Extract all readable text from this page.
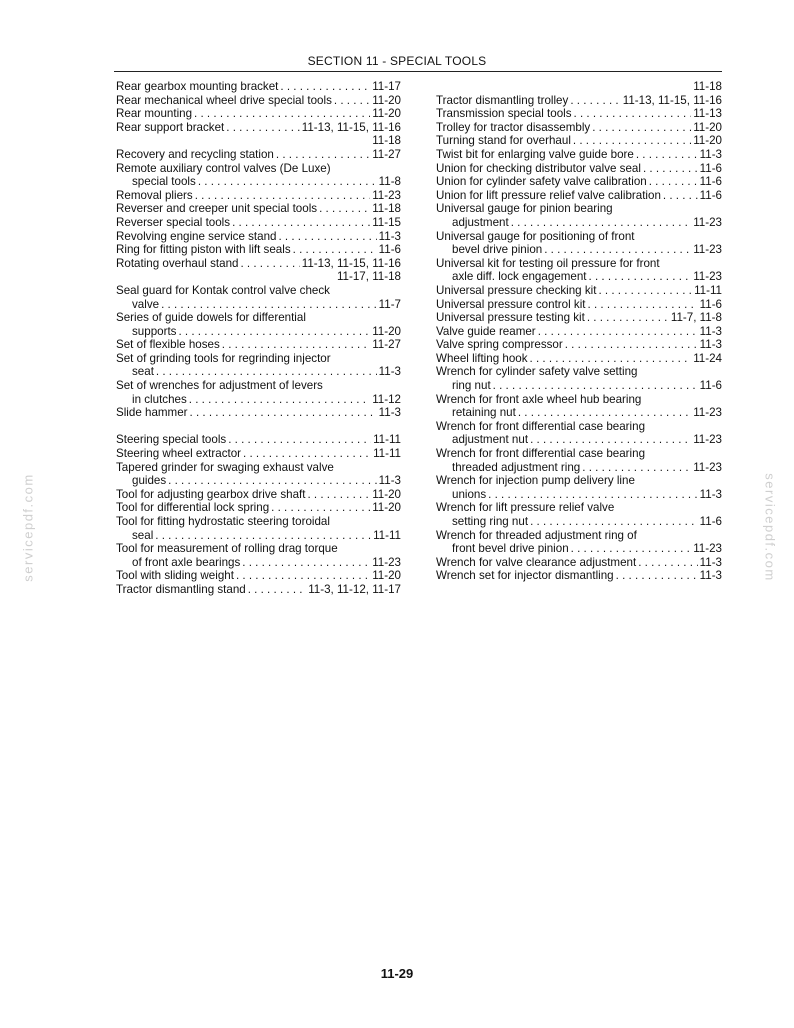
SECTION 11 - SPECIAL TOOLS
Rear gearbox mounting bracket . . .	11-17
Rear mechanical wheel drive special tools . . .	11-20
Rear mounting . . .	11-20
Rear support bracket . . .	11-13, 11-15, 11-16
11-18
Recovery and recycling station . . .	11-27
Remote auxiliary control valves (De Luxe)
special tools . . .	11-8
Removal pliers . . .	11-23
Reverser and creeper unit special tools . . .	11-18
Reverser special tools . . .	11-15
Revolving engine service stand . . .	11-3
Ring for fitting piston with lift seals . . .	11-6
Rotating overhaul stand . . .	11-13, 11-15, 11-16
11-17, 11-18
Seal guard for Kontak control valve check
valve . . .	11-7
Series of guide dowels for differential
supports . . .	11-20
Set of flexible hoses . . .	11-27
Set of grinding tools for regrinding injector
seat . . .	11-3
Set of wrenches for adjustment of levers
in clutches . . .	11-12
Slide hammer . . .	11-3
Steering special tools . . .	11-11
Steering wheel extractor . . .	11-11
Tapered grinder for swaging exhaust valve
guides . . .	11-3
Tool for adjusting gearbox drive shaft . . .	11-20
Tool for differential lock spring . . .	11-20
Tool for fitting hydrostatic steering toroidal
seal . . .	11-11
Tool for measurement of rolling drag torque
of front axle bearings . . .	11-23
Tool with sliding weight . . .	11-20
Tractor dismantling stand . . .	11-3, 11-12, 11-17
11-18
Tractor dismantling trolley . . .	11-13, 11-15, 11-16
Transmission special tools . . .	11-13
Trolley for tractor disassembly . . .	11-20
Turning stand for overhaul . . .	11-20
Twist bit for enlarging valve guide bore . . .	11-3
Union for checking distributor valve seal . . .	11-6
Union for cylinder safety valve calibration . . .	11-6
Union for lift pressure relief valve calibration . . .	11-6
Universal gauge for pinion bearing
adjustment . . .	11-23
Universal gauge for positioning of front
bevel drive pinion . . .	11-23
Universal kit for testing oil pressure for front
axle diff. lock engagement . . .	11-23
Universal pressure checking kit . . .	11-11
Universal pressure control kit . . .	11-6
Universal pressure testing kit . . .	11-7, 11-8
Valve guide reamer . . .	11-3
Valve spring compressor . . .	11-3
Wheel lifting hook . . .	11-24
Wrench for cylinder safety valve setting
ring nut . . .	11-6
Wrench for front axle wheel hub bearing
retaining nut . . .	11-23
Wrench for front differential case bearing
adjustment nut . . .	11-23
Wrench for front differential case bearing
threaded adjustment ring . . .	11-23
Wrench for injection pump delivery line
unions . . .	11-3
Wrench for lift pressure relief valve
setting ring nut . . .	11-6
Wrench for threaded adjustment ring of
front bevel drive pinion . . .	11-23
Wrench for valve clearance adjustment . . .	11-3
Wrench set for injector dismantling . . .	11-3
11-29
servicepdf.com	servicepdf.com
